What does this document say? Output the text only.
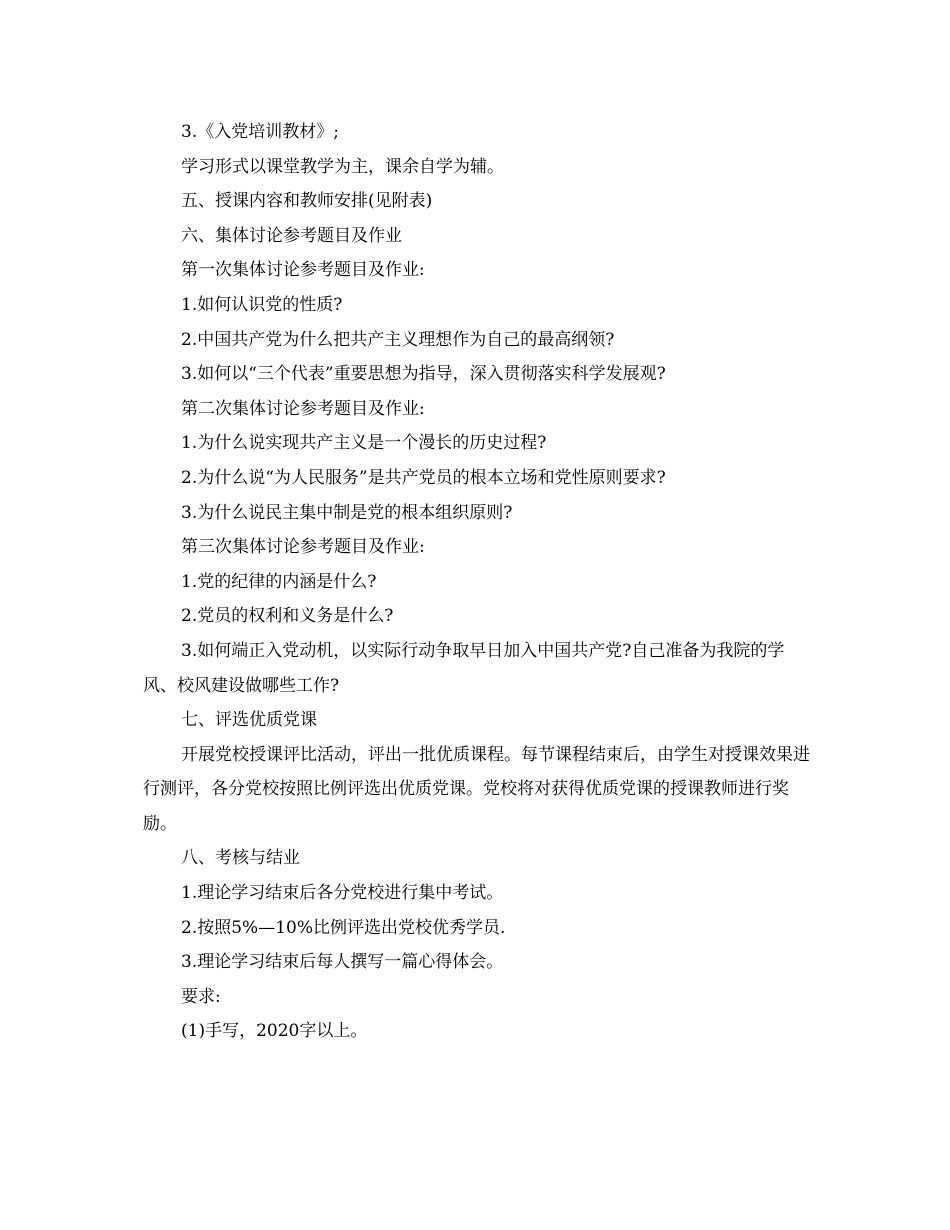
3.《入党培训教材》;

学习形式以课堂教学为主，课余自学为辅。

五、授课内容和教师安排(见附表)

六、集体讨论参考题目及作业

第一次集体讨论参考题目及作业:

1.如何认识党的性质?

2.中国共产党为什么把共产主义理想作为自己的最高纲领?

3.如何以“三个代表”重要思想为指导，深入贯彻落实科学发展观?

第二次集体讨论参考题目及作业:

1.为什么说实现共产主义是一个漫长的历史过程?

2.为什么说“为人民服务”是共产党员的根本立场和党性原则要求?

3.为什么说民主集中制是党的根本组织原则?

第三次集体讨论参考题目及作业:

1.党的纪律的内涵是什么?

2.党员的权利和义务是什么?

3.如何端正入党动机，以实际行动争取早日加入中国共产党?自己准备为我院的学风、校风建设做哪些工作?

七、评选优质党课

开展党校授课评比活动，评出一批优质课程。每节课程结束后，由学生对授课效果进行测评，各分党校按照比例评选出优质党课。党校将对获得优质党课的授课教师进行奖励。

八、考核与结业

1.理论学习结束后各分党校进行集中考试。

2.按照5%—10%比例评选出党校优秀学员.

3.理论学习结束后每人撰写一篇心得体会。

要求:

(1)手写，2020字以上。
